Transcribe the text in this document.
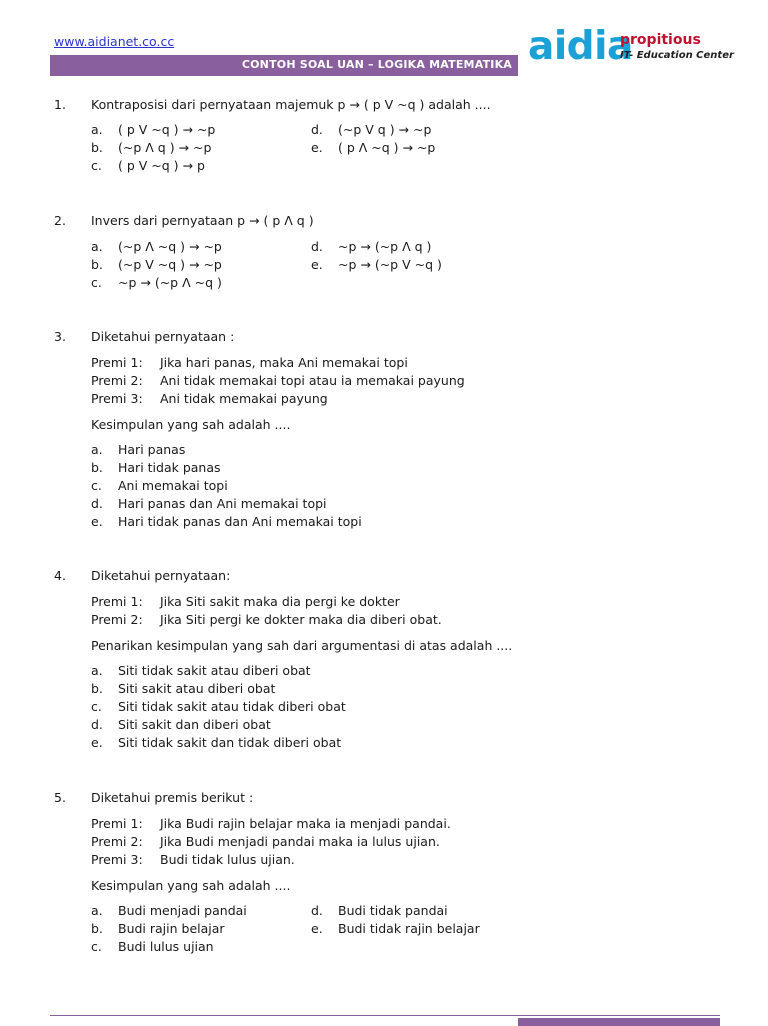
www.aidianet.co.cc
CONTOH SOAL UAN – LOGIKA MATEMATIKA aidia
propitious
IT- Education Center
1. Kontraposisi dari pernyataan majemuk p → ( p V ~q ) adalah ....
a. ( p V ~q ) → ~p
b. (~p Λ q ) → ~p
c. ( p V ~q ) → p
d. (~p V q ) → ~p
e. ( p Λ ~q ) → ~p
2. Invers dari pernyataan p → ( p Λ q )
a. (~p Λ ~q ) → ~p
b. (~p V ~q ) → ~p
c. ~p → (~p Λ ~q )
d. ~p → (~p Λ q )
e. ~p → (~p V ~q )
3. Diketahui pernyataan :
Premi 1: Jika hari panas, maka Ani memakai topi
Premi 2: Ani tidak memakai topi atau ia memakai payung
Premi 3: Ani tidak memakai payung
Kesimpulan yang sah adalah ....
a. Hari panas
b. Hari tidak panas
c. Ani memakai topi
d. Hari panas dan Ani memakai topi
e. Hari tidak panas dan Ani memakai topi
4. Diketahui pernyataan:
Premi 1: Jika Siti sakit maka dia pergi ke dokter
Premi 2: Jika Siti pergi ke dokter maka dia diberi obat.
Penarikan kesimpulan yang sah dari argumentasi di atas adalah ....
a. Siti tidak sakit atau diberi obat
b. Siti sakit atau diberi obat
c. Siti tidak sakit atau tidak diberi obat
d. Siti sakit dan diberi obat
e. Siti tidak sakit dan tidak diberi obat
5. Diketahui premis berikut :
Premi 1: Jika Budi rajin belajar maka ia menjadi pandai.
Premi 2: Jika Budi menjadi pandai maka ia lulus ujian.
Premi 3: Budi tidak lulus ujian.
Kesimpulan yang sah adalah ....
a. Budi menjadi pandai
b. Budi rajin belajar
c. Budi lulus ujian
d. Budi tidak pandai
e. Budi tidak rajin belajar
